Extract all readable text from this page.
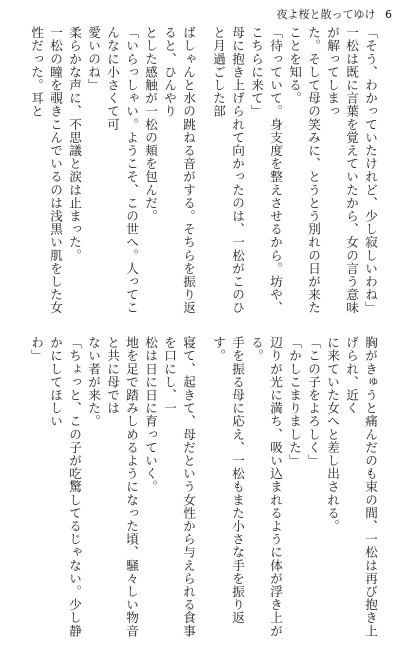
夜よ桜と散ってゆけ 6
「そう、わかっていたけれど、少し寂しいわね」
一松は既に言葉を覚えていたから、女の言う意味が解ってしまっ
た。そして母の笑みに、とうとう別れの日が来たことを知る。
「待っていて。身支度を整えさせるから。坊や、こちらに来て」
母に抱き上げられて向かったのは、一松がこのひと月過ごした部
胸がきゅうと痛んだのも束の間、一松は再び抱き上げられ、近く
に来ていた女へと差し出される。
「この子をよろしく」
「かしこまりました」
辺りが光に満ち、吸い込まれるように体が浮き上がる。
手を振る母に応え、一松もまた小さな手を振り返す。
ばしゃんと水の跳ねる音がする。そちらを振り返ると、ひんやり
とした感触が一松の頬を包んだ。
「いらっしゃい。ようこそ、この世へ。人ってこんなに小さくて可
愛いのね」
柔らかな声に、不思議と涙は止まった。
一松の瞳を覗きこんでいるのは浅黒い肌をした女性だった。耳と
寝て、起きて、母だという女性から与えられる食事を口にし、一
松は日に日に育っていく。
地を足で踏みしめるようになった頃、騒々しい物音と共に母では
ない者が来た。
「ちょっと、この子が吃驚してるじゃない。少し静かにしてほしい
わ」
